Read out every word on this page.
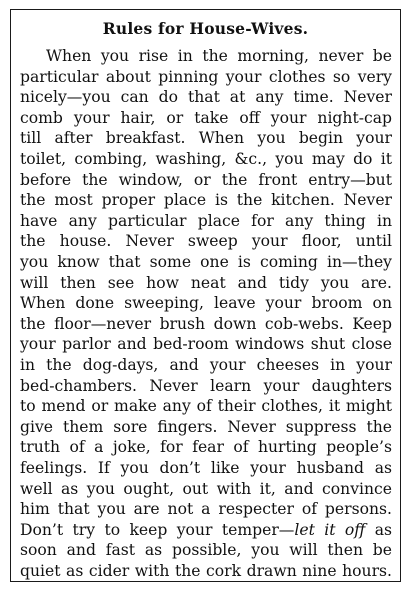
Rules for House-Wives.
When you rise in the morning, never be
particular about pinning your clothes so very
nicely—you can do that at any time. Never
comb your hair, or take off your night-cap
till after breakfast. When you begin your
toilet, combing, washing, &c., you may do it
before the window, or the front entry—but
the most proper place is the kitchen. Never
have any particular place for any thing in
the house. Never sweep your floor, until
you know that some one is coming in—they
will then see how neat and tidy you are.
When done sweeping, leave your broom on
the floor—never brush down cob-webs. Keep
your parlor and bed-room windows shut close
in the dog-days, and your cheeses in your
bed-chambers. Never learn your daughters
to mend or make any of their clothes, it might
give them sore fingers. Never suppress the
truth of a joke, for fear of hurting people’s
feelings. If you don’t like your husband as
well as you ought, out with it, and convince
him that you are not a respecter of persons.
Don’t try to keep your temper—let it off as
soon and fast as possible, you will then be
quiet as cider with the cork drawn nine hours.
